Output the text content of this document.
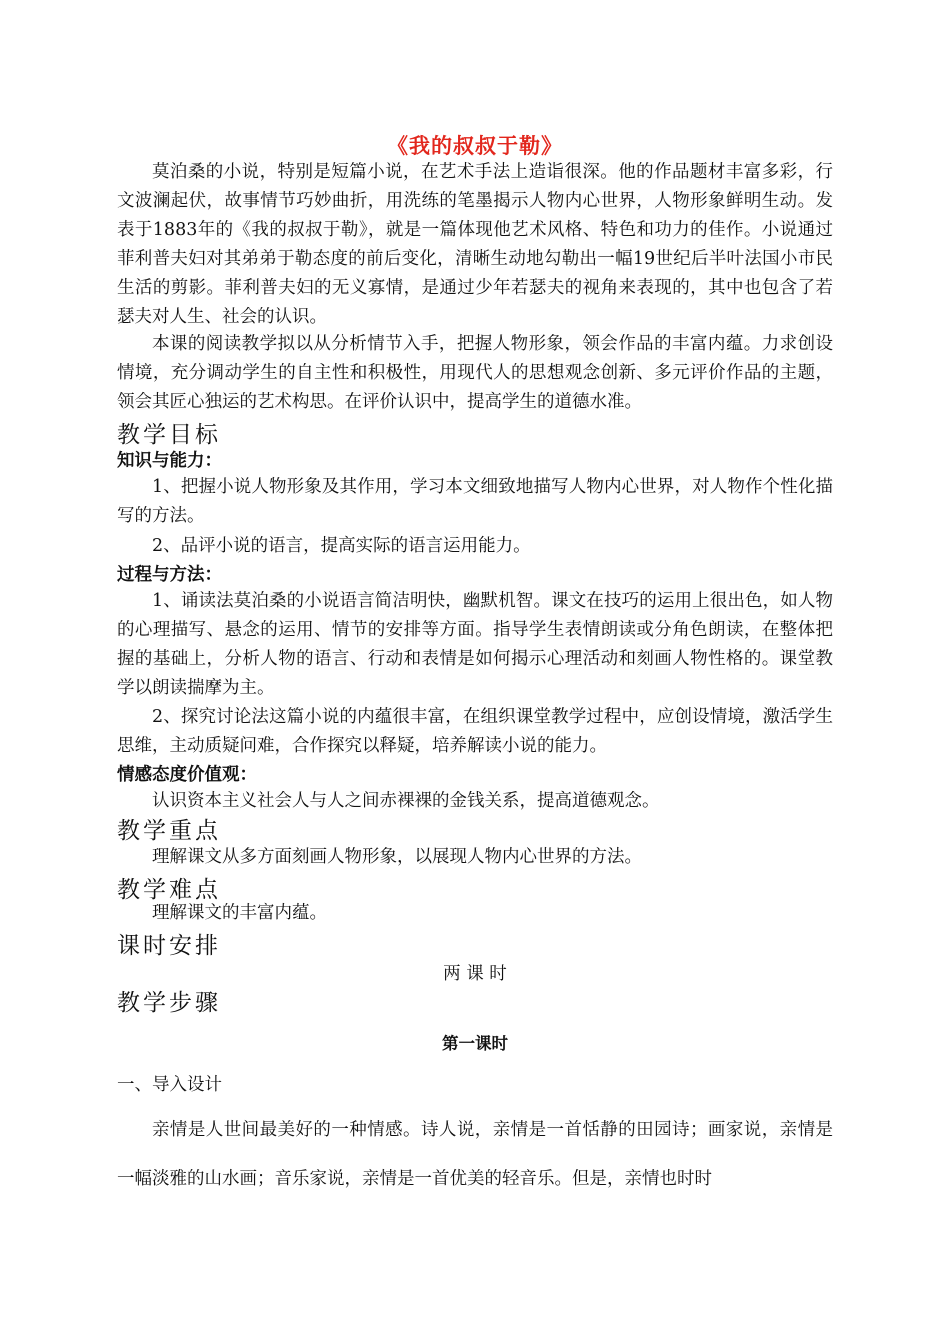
《我的叔叔于勒》

莫泊桑的小说，特别是短篇小说，在艺术手法上造诣很深。他的作品题材丰富多彩，行文波澜起伏，故事情节巧妙曲折，用洗练的笔墨揭示人物内心世界，人物形象鲜明生动。发表于1883年的《我的叔叔于勒》，就是一篇体现他艺术风格、特色和功力的佳作。小说通过菲利普夫妇对其弟弟于勒态度的前后变化，清晰生动地勾勒出一幅19世纪后半叶法国小市民生活的剪影。菲利普夫妇的无义寡情，是通过少年若瑟夫的视角来表现的，其中也包含了若瑟夫对人生、社会的认识。

本课的阅读教学拟以从分析情节入手，把握人物形象，领会作品的丰富内蕴。力求创设情境，充分调动学生的自主性和积极性，用现代人的思想观念创新、多元评价作品的主题，领会其匠心独运的艺术构思。在评价认识中，提高学生的道德水准。

教学目标
知识与能力：

1、把握小说人物形象及其作用，学习本文细致地描写人物内心世界，对人物作个性化描写的方法。

2、品评小说的语言，提高实际的语言运用能力。

过程与方法：

1、诵读法莫泊桑的小说语言简洁明快，幽默机智。课文在技巧的运用上很出色，如人物的心理描写、悬念的运用、情节的安排等方面。指导学生表情朗读或分角色朗读，在整体把握的基础上，分析人物的语言、行动和表情是如何揭示心理活动和刻画人物性格的。课堂教学以朗读揣摩为主。

2、探究讨论法这篇小说的内蕴很丰富，在组织课堂教学过程中，应创设情境，激活学生思维，主动质疑问难，合作探究以释疑，培养解读小说的能力。

情感态度价值观：

认识资本主义社会人与人之间赤裸裸的金钱关系，提高道德观念。

教学重点

理解课文从多方面刻画人物形象，以展现人物内心世界的方法。

教学难点

理解课文的丰富内蕴。

课时安排
两 课 时
教学步骤
第一课时
一、导入设计

亲情是人世间最美好的一种情感。诗人说，亲情是一首恬静的田园诗；画家说，亲情是一幅淡雅的山水画；音乐家说，亲情是一首优美的轻音乐。但是，亲情也时时
